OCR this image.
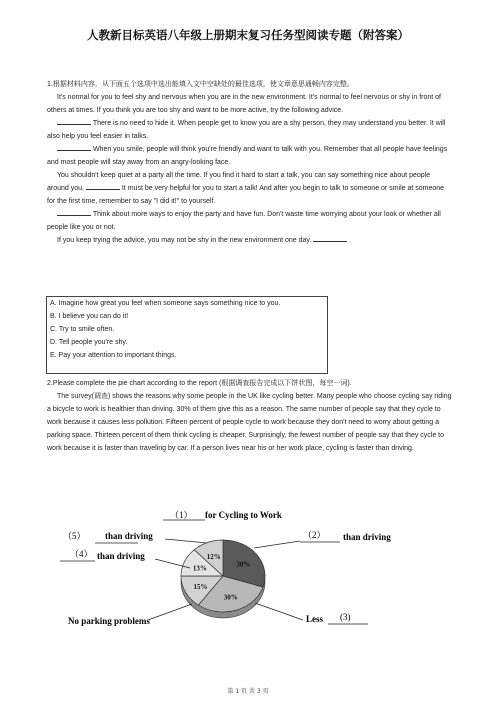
人教新目标英语八年级上册期末复习任务型阅读专题（附答案）

1.根据材料内容，从下面五个选项中选出能填入文中空缺处的最佳选项，使文章意思通畅内容完整。

It's normal for you to feel shy and nervous when you are in the new environment. It's normal to feel nervous or shy in front of others at times. If you think you are too shy and want to be more active, try the following advice.

There is no need to hide it. When people get to know you are a shy person, they may understand you better. It will also help you feel easier in talks.

When you smile, people will think you're friendly and want to talk with you. Remember that all people have feelings and most people will stay away from an angry-looking face.

You shouldn't keep quiet at a party all the time. If you find it hard to start a talk, you can say something nice about people around you.	It must be very helpful for you to start a talk! And after you begin to talk to someone or smile at someone for the first time, remember to say "I did it!" to yourself.

Think about more ways to enjoy the party and have fun. Don't waste time worrying about your look or whether all people like you or not.

If you keep trying the advice, you may not be shy in the new environment one day.

A. Imagine how great you feel when someone says something nice to you.
B. I believe you can do it!
C. Try to smile often.
D. Tell people you're shy.
E. Pay your attention to important things.

2.Please complete the pie chart according to the report (根据调查报告完成以下饼状图，每空一词).

The survey(调查) shows the reasons why some people in the UK like cycling better. Many people who choose cycling say riding a bicycle to work is healthier than driving. 30% of them give this as a reason. The same number of people say that they cycle to work because it causes less pollution. Fifteen percent of people cycle to work because they don't need to worry about getting a parking space. Thirteen percent of them think cycling is cheaper. Surprisingly, the fewest number of people say that they cycle to work because it is faster than traveling by car. If a person lives near his or her work place, cycling is faster than driving.

（1） for Cycling to Work
30%
30%
15%
13%
12%
（5） than driving
（4） than driving
（2） than driving
No parking problems	Less (3)
第 1 页 共 3 页
